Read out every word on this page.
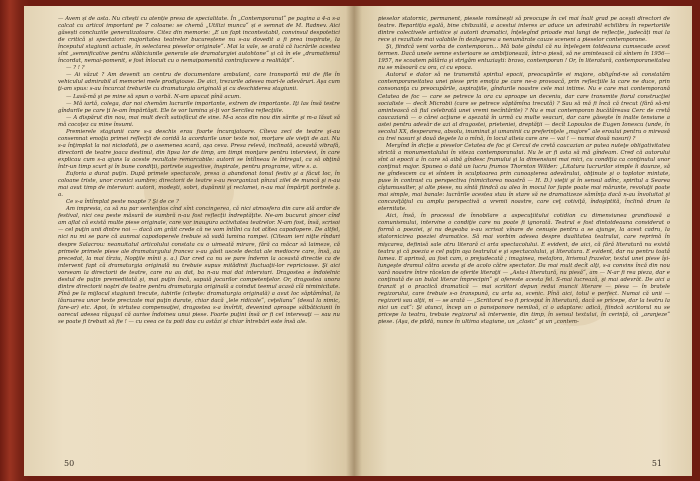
— Avem și de asta. Nu citești cu atenție presa de specialitate. În „Contemporanul“ pe pagina a 4-a s-a calcat cu articol important pe 7 coloane: se chemă „Utilizi munca“ și e semnat de M. Radnev. Aici găsești concluziile generalizatoare. Citez din memorie: „E un fapt incontestabil, convinsul despotetici de critică și spectatori: majoritatea teatrelor bucureștene nu s-au dovedit a fi prea inspirate, la începutul stagiunii actuale, în selectarea pieselor originale“. Mai la vale, se arată că lucrările acestea sînt „semnificative pentru slăbiciunile generale ale dramaturgiei autohtone“ și că în ele „dramatismul încordat, nemai-pomenit, e fost înlocuit cu o nemaipomenită contrafacere a realității“.

— ? ! ?

— Ai văzut ? Am devenit un centru de documentare ambulant, care transportă mii de file în vehiculul admirabil al memoriei mele prodigioase. De aici, trezurile adesea mari-le adevăruri. Aşa cum ţi-am spus: s-au încurcat treburile cu dramaturgia originală şi cu deschiderea stagiunii.

— Lasă-mă şi pe mine să spun o vorbă. N-am apucat pînă acum.

— Mă iartă, colega, dar noi chemăm lucrurile importante, extrem de importante. Iţi las însă testre gîndurile pe care ţi le-am împărtăşit. Ele te vor lumina şi-ţi vor Sercilea reflecţiile.

— A dispărut din nou, mai mult decît satisfăcut de sine. M-a scos din nou din sărite şi m-a lăsat să mă cocoţez ca mine însumi.

Premierele stagiunii care s-a deschis erau foarte încurajatoare. Cîteva zeci de teatre şi-au consemnat emoţia primei reflecţii de coridă la acordurile unor texte noi, morţare ale vieţii de azi. Nu s-a înţimplat la noi niciodată, pe o asemenea scară, aşa ceva. Presa relevă, inclinată, această vibrafă, directorii de teatre joaca destinul, din lipsa lor de timp, am timpi monţare pentru intervievi, în care explicau cum s-a ajuns la aceste rezultate remarcabile: autorii se întîlneau le întregul, ca să obţină într-un timp scurt şi în bune condiţii, portrete sugestive, inspirate, pentru programe, vitre s. a.

Euforia a durat puţin. După primele spectacole, presa a abandonat tonul festiv şi a făcut loc, în coloane triste, unor cronici sumbre; directorii de teatre s-au reorganizat pînzul zilei de muncă şi n-au mai avut timp de interviuri: autorii, modeşti, sobri, dupănnii şi reclamei, n-au mai împărţit portrete ş. a.

Ce s-a întîmplat peste noapte ? Şi de ce ?

Am impresia, ca să nu par sentenţios cînd sînt concingerea, că nici atmosfera din care ală ardor de festival, nici cea peste măsură de sumbră n-au fost reflecţii îndreptăţite. Ne-am bucurat şincer cînd am aflat că există multe piese originale, care vor inaugura activitatea teatrelor. N-am fost, însă, scrisoi — cel puţin unii dintre noi — dacă am grăit crede că ne vom întîlni cu tot atîtea capodopere. De altfel, nici nu mi se pare că aunmai capodoperele trebuie să vadă lumina rampei. (Citeam ieri niţte rînduri despre Salacrou: neanuitatul articolului constata cu o uimeată mirare, fără ca măcar să laimeze, că primele primele piese ale dramaturgului francez s-au găsit uscele dectat ale mediocre care, însă, au precedat, la mai tîrziu, Nopţile mînii ş. a.) Dar cred ca nu se pare îndemn la această directie ca de intervent fapt că dramaturgia originală nu trebuie supus mitădinii fluctuaţii-lor repricioase. Şi aici vorseam la directorii de teatre, care nu au dat, ba n-au mai dat interviuri. Dragostea e îndoielnic destul de puţin premeditată şi, mai puţin încă, sapuiă jocurilor competenţelor. Or, dragostea unora dintre directorii noştri de teatre pentru dramaturgia originală a coindut teemul acasă cîă niminicitate. Pînă pe la mijlocul stagiunii trecute, iubirile (citeşte: dramaturgia originală) a avut loc săptămînal, la lăuruarea unor texte precizate mai puţin durate, chiar dacă „lele ridicole“, ceţelianu“ (desul la nimic, fare-ar) etc. Apoi, în virtutea compensaţiei, dragostea s-a învîrtit, devenind aproape sălbăticiunii în oarecul adesea răguşul că aurise îndoineu unui piese. Foarte puţini însă or fi cel interesaţi — sau nu se poate fi trebuit să fie ! — cu ceea ce tu poti dau cu astăzi şi chiar întrebări este însă ale.

50

pieselor statornic, permanent, piesele românești să preocupe în cel mai înalt grad pe acești directori de teatre. Repartiția egală, bine chibzuită, a acestui interes ar aduce un admirabil echilibru în repertoriile dintre colectivele artistice și autorii dramatici, înțelegînd prioade mai lungi de reflecție, judecăți mai la rece și rezultate mai valabile în dezlegarea a nenumărate cauze sceneni a pieselor contemporane.

Şi, fiindcă veni vorba de contemporan... Mă bate gîndul că nu înţelegem totdeauna cumsecade acest termen. Dacă unele semne exterioare se ambiţionează, într-o piesă, să ne amintească că sîntem în 1956—1957, ne scoatem pălăria şi strigăm entuziaşti: bravo, contemporan ! Or, în literatură, contemporaneitatea nu se măsoară cu ora, ci cu epoca.

Autorul e dator să ne transmită spiritul epocii, preocupările ei majore, obligînd-ne să constatăm contemporaneitatea unei piese prin emoţia pe care ne-o provoacă, prin reflecţiile la care ne duce, prin consonanţa cu preocupările, aspiraţiile, gîndurile noastre cele mai intime. Nu e care mai contemporană Cetatea de foc — care se petrece la ora cu aproape un deceniu, dar care transmite fiorul construcţiei socialiste — decît Microbii (care se petrece săptămîna trecută) ? Sau să mă fi încă că trecut (fără să-mi amintească că fiul celebrată unei vremi necîntărite) ? Nu e mai contemporan bucătăreasa Cerc de cretă caucaziană — o cărei acţiune e aşezată în urmă cu multe veacuri, dar care găseşte în inalte tensiune a astei pentru adevăr de azi al dragostei, prieteniei, dreptăţii — decît Lopoulos de Eugen Ionescu (unde, în secolul XX, desperarea, absolu, inuminat şi umaninii cu preferinţele „majore“ ale eroului pentru o mireasă cu trei nasuri şi două degete la o mînă, în locul alteia care are — vai ! — numai două nasuri) ?

Mergînd în dicţie a pieselor Cetatea de foc şi Cercul de cretă caucazian ar putea nuteţe obligativitatea strictă a monumentalului în viteza contemporanului. Nu le ar fi asta să mă gîndeam. Cred că autorului sînt ai epocii a în care să aibă gîndesc frumului şi la dimensiuni mai mici, cu condiţia ca conţinutul unor conţinut major. Spunea o dată un lucru frumos Thornton Wilder: „Litatura lucrurilor simple îi daunze, să ne gîndescem ca ei sîntem în sculptoarea prin cunoaşterea adevărului, obţinute şi o toplotor mintate, puse în contrast cu perspectiva (nimicitorea noastră — H. D.) vieţii şi în sensul adînc, spiritul a Searea cîştamusulter, şi alte piese, nu sîntă fiindcă au alea în mocul lor fapte poate mai mărunte, revoluţii poate mai simple, mai banale: lucrările acestea stau în stare să ne dramatizeze sămînţa dacă n-au învoluitat şi concaviţăţiul cu amplu perspectivă a vremii noastre, care ceţ cotiviţă, îndoşiptită, înclină drum la eternitate.

Aici, însă, în procesul de înnobilare a aspecuţiitului cotidian cu dimensiunea grandioasă a comunismului, intervine o condiţie care nu poate fi ignorată. Teatrul e fost dintotdeauna considerat o formă a poeziei, şi nu degeaba s-au scrisat vînare de cenuşie pentru a se ajunge, la acest cadru, la statornicirea poeziei dramatice. Să mai vorbim adesea despre dualitatea teatrului, care reprimă în mişcarea, definisă sale atru literară ci arta spectacolului. E evident, de aici, că fără literatură nu există teatru şi că poezia e cel puţin aşa teatrului e şi spectacolului, şi literatura. E evident, dar nu pentru toată lumea. E aprinsă, au fost cam, o prejudecată ; imaginea, metafora, lirismul frazelor, textul unei piese îşi-lungeşte dramul cătra acesta şi de acolo către spectator. Da mai mult decît alţi, s-a convins încă din nou vară noastre între răcelan de oferite literaţii — „Asta-i literatură, nu piesă“, am — N-ar fi rea pieza, dar e conţinută de un bulat literar împrecipin“ şi ofereste acesta fel. S-mai lucrează, şi mai adevrăt. De aici a tranzit şi o practică dramatică — mai scriitori depun redui muncii literare — piesa — în bratele regizorului, care trebuie s-o transpună, cu arta sa, scenic. Pînă aici, totul e perfect. Numai că unii — regizorii sau alţii, ni — se arată — „Scriitorul n-o fi priceput în literatură, dacă se pricepe, dar la teatru la nici un cat“: Şi atunci, încep un o pansiponore nemiloă, ci o adaptare: adică, fiindcă scriitorul nu se pricepe la teatru, trebuie regizorul să intervenie, din timp, în sensul textului, în cerinţă, că „aranjeze“ piese. (Aşa, de pildă, nunce în ultima stagiune, un „clasic“ şi un „contem-

51
